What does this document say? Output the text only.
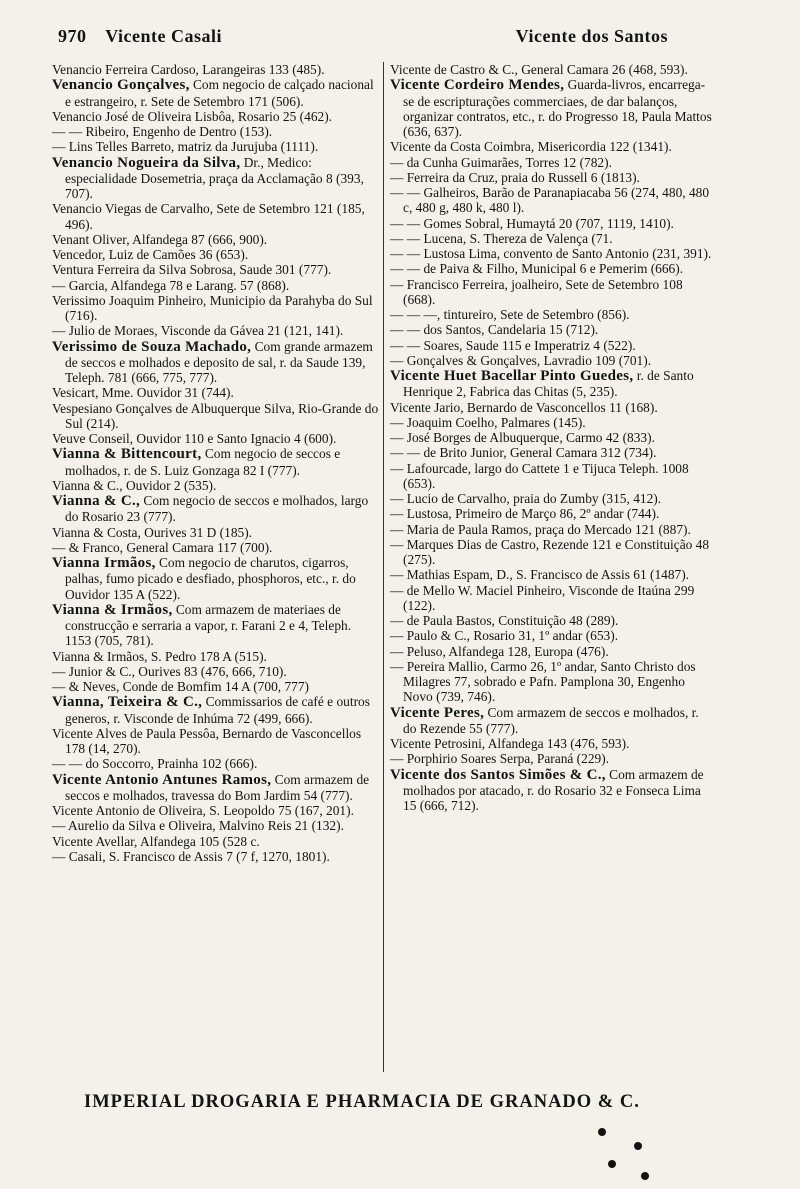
970 Vicente Casali	Vicente dos Santos

Venancio Ferreira Cardoso, Larangeiras 133 (485).

Venancio Gonçalves, Com negocio de calçado nacional e estrangeiro, r. Sete de Setembro 171 (506).

Venancio José de Oliveira Lisbôa, Rosario 25 (462).

— — Ribeiro, Engenho de Dentro (153).

— Lins Telles Barreto, matriz da Jurujuba (1111).

Venancio Nogueira da Silva, Dr., Medico: especialidade Dosemetria, praça da Acclamação 8 (393, 707).

Venancio Viegas de Carvalho, Sete de Setembro 121 (185, 496).

Venant Oliver, Alfandega 87 (666, 900).

Vencedor, Luiz de Camões 36 (653).

Ventura Ferreira da Silva Sobrosa, Saude 301 (777).

— Garcia, Alfandega 78 e Larang. 57 (868).

Verissimo Joaquim Pinheiro, Municipio da Parahyba do Sul (716).

— Julio de Moraes, Visconde da Gávea 21 (121, 141).

Verissimo de Souza Machado, Com grande armazem de seccos e molhados e deposito de sal, r. da Saude 139, Teleph. 781 (666, 775, 777).

Vesicart, Mme. Ouvidor 31 (744).

Vespesiano Gonçalves de Albuquerque Silva, Rio-Grande do Sul (214).

Veuve Conseil, Ouvidor 110 e Santo Ignacio 4 (600).

Vianna & Bittencourt, Com negocio de seccos e molhados, r. de S. Luiz Gonzaga 82 I (777).

Vianna & C., Ouvidor 2 (535).

Vianna & C., Com negocio de seccos e molhados, largo do Rosario 23 (777).

Vianna & Costa, Ourives 31 D (185).

— & Franco, General Camara 117 (700).

Vianna Irmãos, Com negocio de charutos, cigarros, palhas, fumo picado e desfiado, phosphoros, etc., r. do Ouvidor 135 A (522).

Vianna & Irmãos, Com armazem de materiaes de construcção e serraria a vapor, r. Farani 2 e 4, Teleph. 1153 (705, 781).

Vianna & Irmãos, S. Pedro 178 A (515).

— Junior & C., Ourives 83 (476, 666, 710).

— & Neves, Conde de Bomfim 14 A (700, 777)

Vianna, Teixeira & C., Commissarios de café e outros generos, r. Visconde de Inhúma 72 (499, 666).

Vicente Alves de Paula Pessôa, Bernardo de Vasconcellos 178 (14, 270).

— — do Soccorro, Prainha 102 (666).

Vicente Antonio Antunes Ramos, Com armazem de seccos e molhados, travessa do Bom Jardim 54 (777).

Vicente Antonio de Oliveira, S. Leopoldo 75 (167, 201).

— Aurelio da Silva e Oliveira, Malvino Reis 21 (132).

Vicente Avellar, Alfandega 105 (528 c.

— Casali, S. Francisco de Assis 7 (7 f, 1270, 1801).

Vicente de Castro & C., General Camara 26 (468, 593).

Vicente Cordeiro Mendes, Guarda-livros, encarrega-se de escripturações commerciaes, de dar balanços, organizar contratos, etc., r. do Progresso 18, Paula Mattos (636, 637).

Vicente da Costa Coimbra, Misericordia 122 (1341).

— da Cunha Guimarães, Torres 12 (782).

— Ferreira da Cruz, praia do Russell 6 (1813).

— — Galheiros, Barão de Paranapiacaba 56 (274, 480, 480 c, 480 g, 480 k, 480 l).

— — Gomes Sobral, Humaytá 20 (707, 1119, 1410).

— — Lucena, S. Thereza de Valença (71.

— — Lustosa Lima, convento de Santo Antonio (231, 391).

— — de Paiva & Filho, Municipal 6 e Pemerim (666).

— Francisco Ferreira, joalheiro, Sete de Setembro 108 (668).

— — —, tintureiro, Sete de Setembro (856).

— — dos Santos, Candelaria 15 (712).

— — Soares, Saude 115 e Imperatriz 4 (522).

— Gonçalves & Gonçalves, Lavradio 109 (701).

Vicente Huet Bacellar Pinto Guedes, r. de Santo Henrique 2, Fabrica das Chitas (5, 235).

Vicente Jario, Bernardo de Vasconcellos 11 (168).

— Joaquim Coelho, Palmares (145).

— José Borges de Albuquerque, Carmo 42 (833).

— — de Brito Junior, General Camara 312 (734).

— Lafourcade, largo do Cattete 1 e Tijuca Teleph. 1008 (653).

— Lucio de Carvalho, praia do Zumby (315, 412).

— Lustosa, Primeiro de Março 86, 2º andar (744).

— Maria de Paula Ramos, praça do Mercado 121 (887).

— Marques Dias de Castro, Rezende 121 e Constituição 48 (275).

— Mathias Espam, D., S. Francisco de Assis 61 (1487).

— de Mello W. Maciel Pinheiro, Visconde de Itaúna 299 (122).

— de Paula Bastos, Constituição 48 (289).

— Paulo & C., Rosario 31, 1º andar (653).

— Peluso, Alfandega 128, Europa (476).

— Pereira Mallio, Carmo 26, 1º andar, Santo Christo dos Milagres 77, sobrado e Pafn. Pamplona 30, Engenho Novo (739, 746).

Vicente Peres, Com armazem de seccos e molhados, r. do Rezende 55 (777).

Vicente Petrosini, Alfandega 143 (476, 593).

— Porphirio Soares Serpa, Paraná (229).

Vicente dos Santos Simões & C., Com armazem de molhados por atacado, r. do Rosario 32 e Fonseca Lima 15 (666, 712).

IMPERIAL DROGARIA E PHARMACIA DE GRANADO & C.
